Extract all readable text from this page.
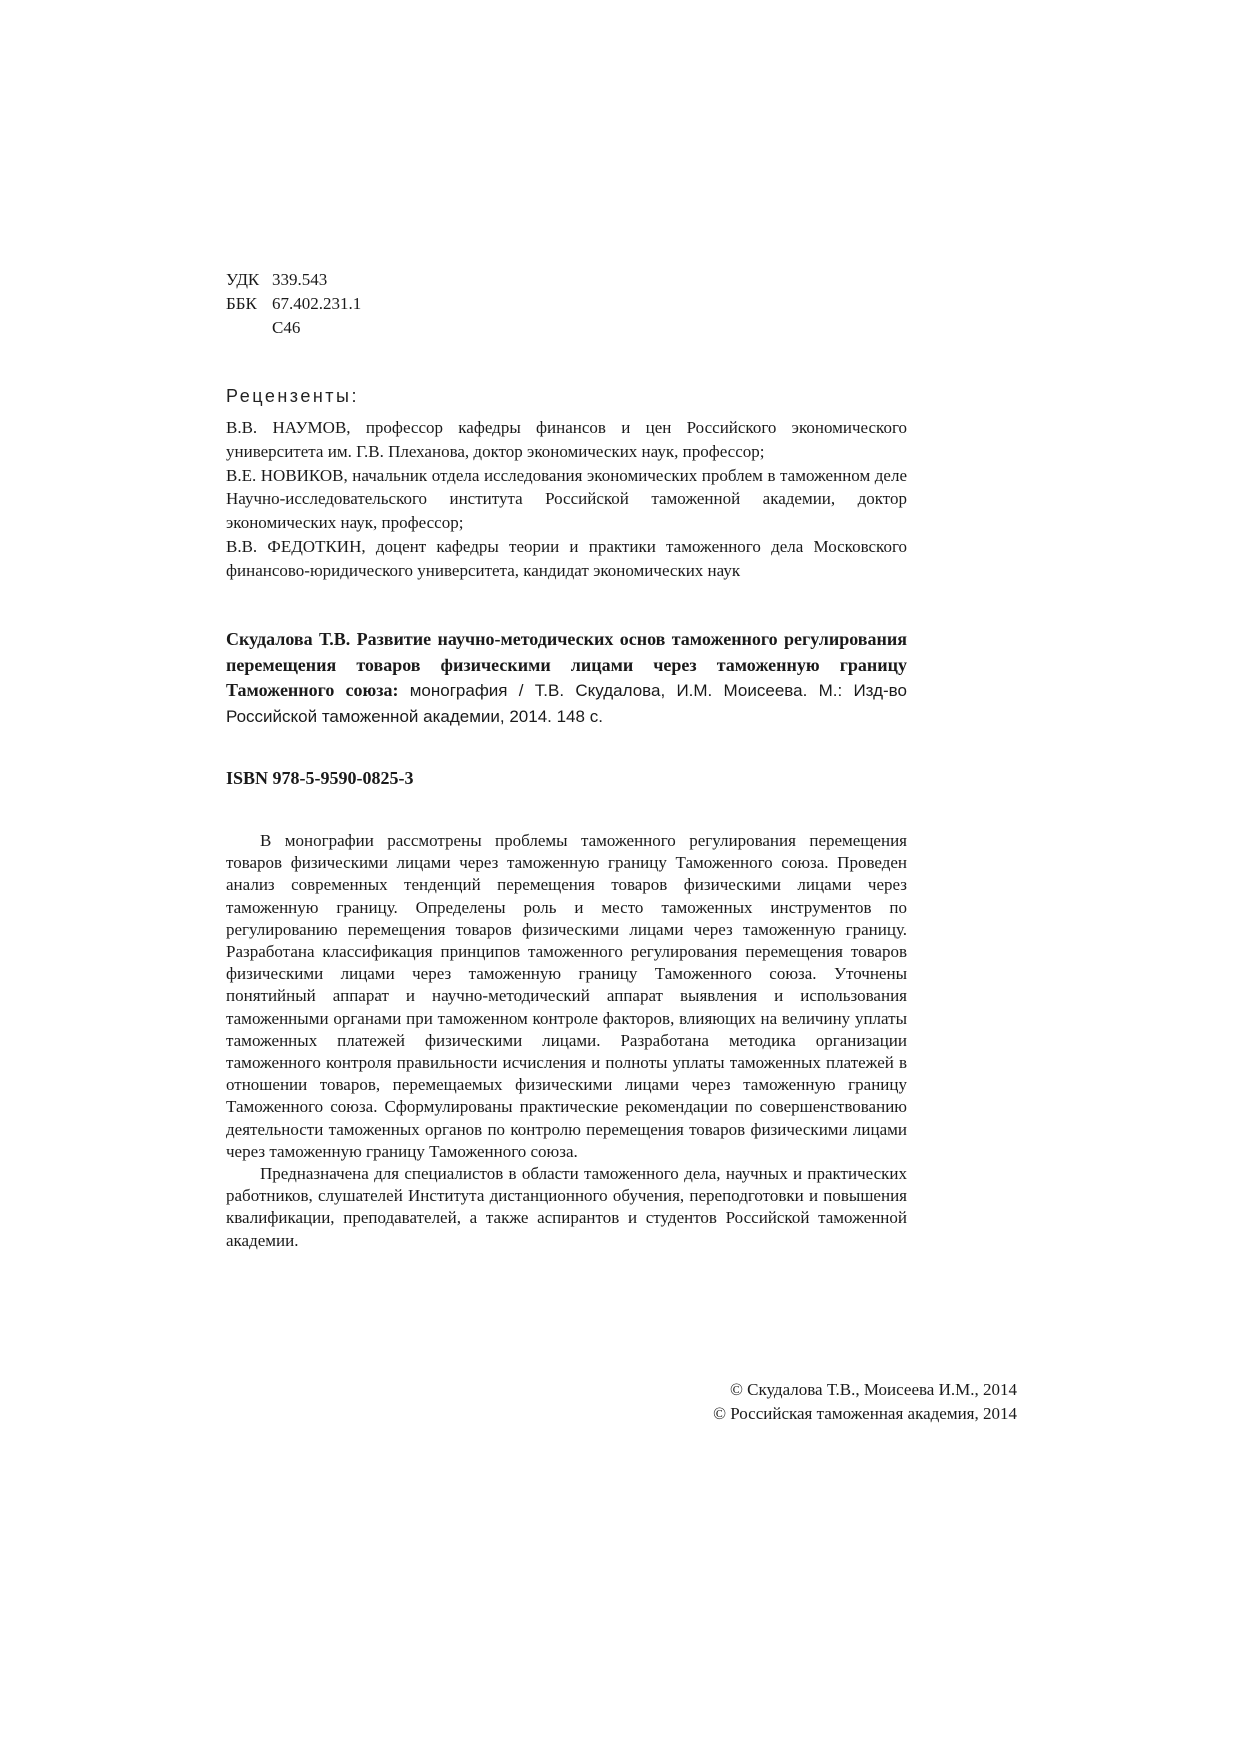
УДК 339.543
ББК 67.402.231.1
С46
Рецензенты:

В.В. НАУМОВ, профессор кафедры финансов и цен Российского экономического университета им. Г.В. Плеханова, доктор экономических наук, профессор;

В.Е. НОВИКОВ, начальник отдела исследования экономических проблем в таможенном деле Научно-исследовательского института Российской таможенной академии, доктор экономических наук, профессор;

В.В. ФЕДОТКИН, доцент кафедры теории и практики таможенного дела Московского финансово-юридического университета, кандидат экономических наук

Скудалова Т.В. Развитие научно-методических основ таможенного регулирования перемещения товаров физическими лицами через таможенную границу Таможенного союза: монография / Т.В. Скудалова, И.М. Моисеева. М.: Изд-во Российской таможенной академии, 2014. 148 с.

ISBN 978-5-9590-0825-3

В монографии рассмотрены проблемы таможенного регулирования перемещения товаров физическими лицами через таможенную границу Таможенного союза. Проведен анализ современных тенденций перемещения товаров физическими лицами через таможенную границу. Определены роль и место таможенных инструментов по регулированию перемещения товаров физическими лицами через таможенную границу. Разработана классификация принципов таможенного регулирования перемещения товаров физическими лицами через таможенную границу Таможенного союза. Уточнены понятийный аппарат и научно-методический аппарат выявления и использования таможенными органами при таможенном контроле факторов, влияющих на величину уплаты таможенных платежей физическими лицами. Разработана методика организации таможенного контроля правильности исчисления и полноты уплаты таможенных платежей в отношении товаров, перемещаемых физическими лицами через таможенную границу Таможенного союза. Сформулированы практические рекомендации по совершенствованию деятельности таможенных органов по контролю перемещения товаров физическими лицами через таможенную границу Таможенного союза.

Предназначена для специалистов в области таможенного дела, научных и практических работников, слушателей Института дистанционного обучения, переподготовки и повышения квалификации, преподавателей, а также аспирантов и студентов Российской таможенной академии.

© Скудалова Т.В., Моисеева И.М., 2014
© Российская таможенная академия, 2014
